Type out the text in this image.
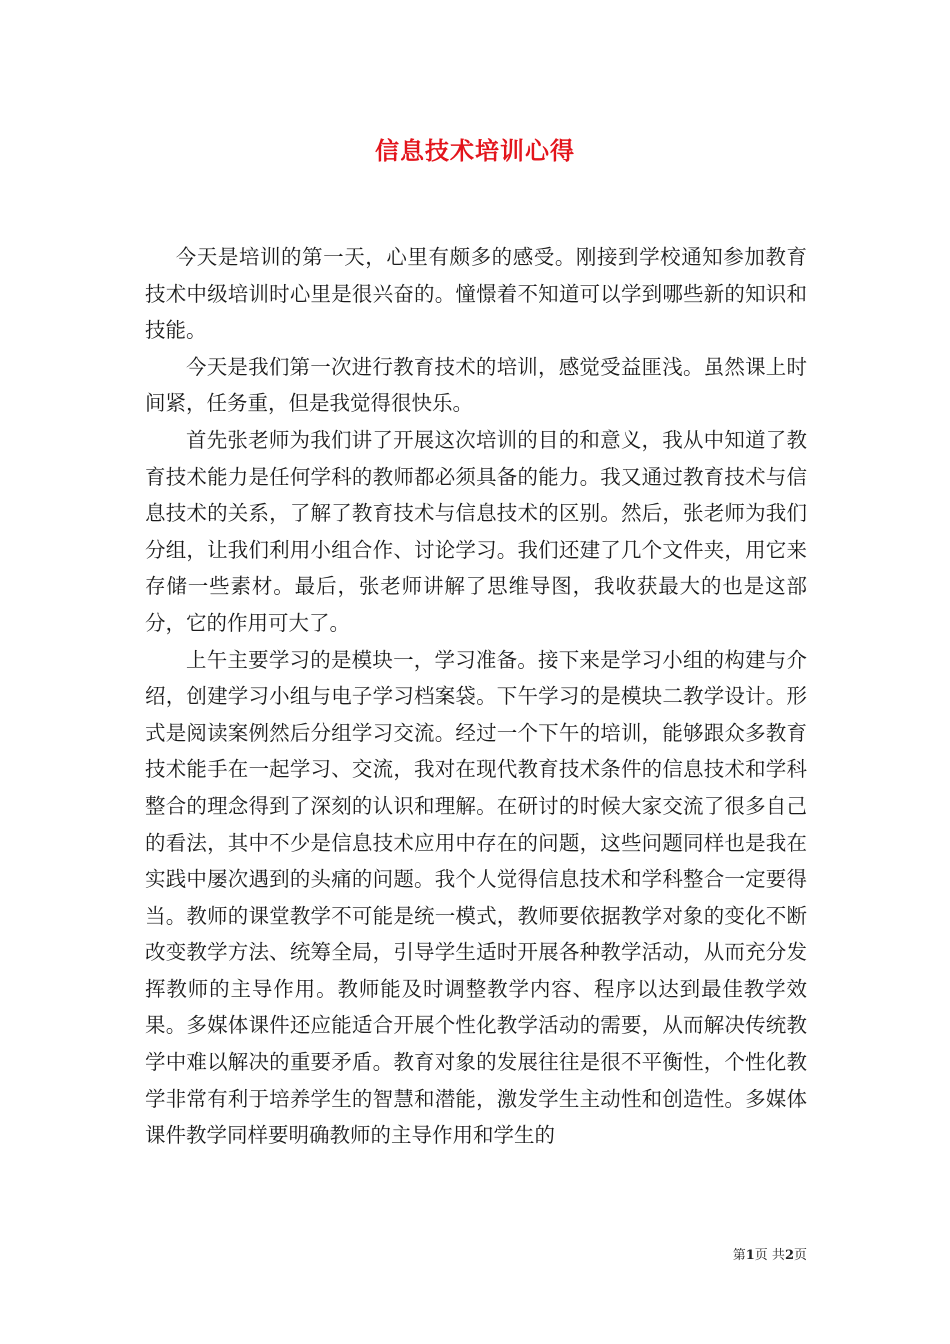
信息技术培训心得

今天是培训的第一天，心里有颇多的感受。刚接到学校通知参加教育技术中级培训时心里是很兴奋的。憧憬着不知道可以学到哪些新的知识和技能。

今天是我们第一次进行教育技术的培训，感觉受益匪浅。虽然课上时间紧，任务重，但是我觉得很快乐。

首先张老师为我们讲了开展这次培训的目的和意义，我从中知道了教育技术能力是任何学科的教师都必须具备的能力。我又通过教育技术与信息技术的关系，了解了教育技术与信息技术的区别。然后，张老师为我们分组，让我们利用小组合作、讨论学习。我们还建了几个文件夹，用它来存储一些素材。最后，张老师讲解了思维导图，我收获最大的也是这部分，它的作用可大了。

上午主要学习的是模块一，学习准备。接下来是学习小组的构建与介绍，创建学习小组与电子学习档案袋。下午学习的是模块二教学设计。形式是阅读案例然后分组学习交流。经过一个下午的培训，能够跟众多教育技术能手在一起学习、交流，我对在现代教育技术条件的信息技术和学科整合的理念得到了深刻的认识和理解。在研讨的时候大家交流了很多自己的看法，其中不少是信息技术应用中存在的问题，这些问题同样也是我在实践中屡次遇到的头痛的问题。我个人觉得信息技术和学科整合一定要得当。教师的课堂教学不可能是统一模式，教师要依据教学对象的变化不断改变教学方法、统筹全局，引导学生适时开展各种教学活动，从而充分发挥教师的主导作用。教师能及时调整教学内容、程序以达到最佳教学效果。多媒体课件还应能适合开展个性化教学活动的需要，从而解决传统教学中难以解决的重要矛盾。教育对象的发展往往是很不平衡性，个性化教学非常有利于培养学生的智慧和潜能，激发学生主动性和创造性。多媒体课件教学同样要明确教师的主导作用和学生的

第1页 共2页
